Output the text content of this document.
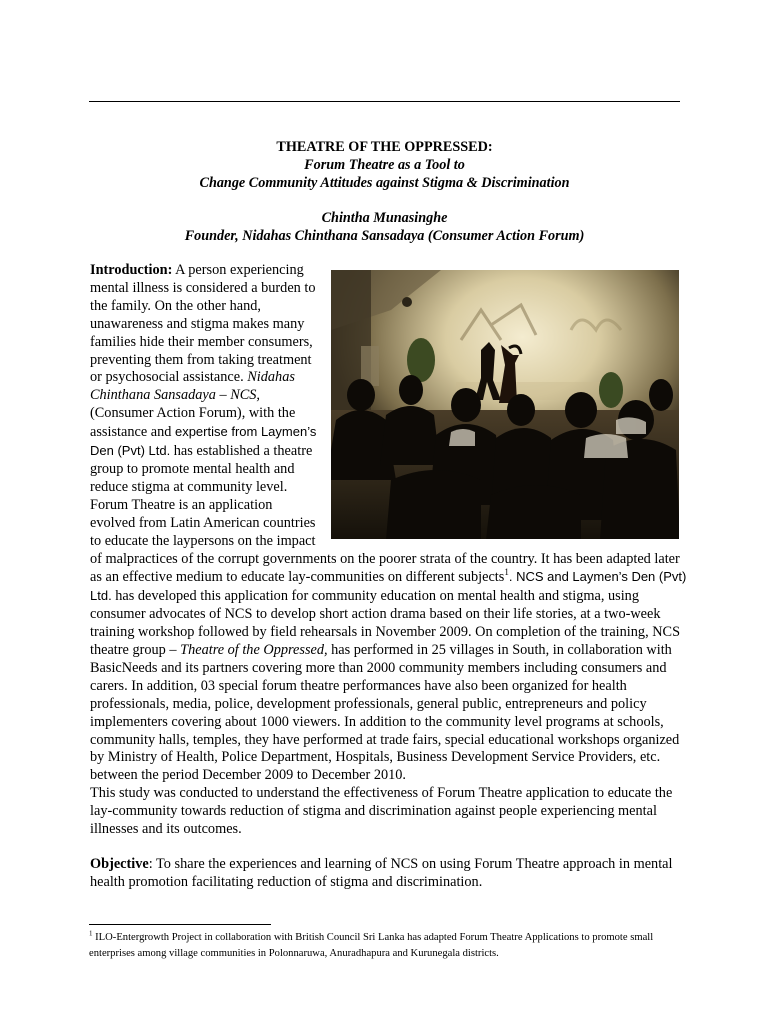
THEATRE OF THE OPPRESSED:
Forum Theatre as a Tool to
Change Community Attitudes against Stigma & Discrimination
Chintha Munasinghe
Founder, Nidahas Chinthana Sansadaya (Consumer Action Forum)

Introduction: A person experiencing mental illness is considered a burden to the family. On the other hand, unawareness and stigma makes many families hide their member consumers, preventing them from taking treatment or psychosocial assistance. Nidahas Chinthana Sansadaya – NCS, (Consumer Action Forum), with the assistance and expertise from Laymen’s Den (Pvt) Ltd. has established a theatre group to promote mental health and reduce stigma at community level. Forum Theatre is an application evolved from Latin American countries to educate the laypersons on the impact of malpractices of the corrupt governments on the poorer strata of the country. It has been adapted later as an effective medium to educate lay-communities on different subjects$^1$. NCS and Laymen’s Den (Pvt) Ltd. has developed this application for community education on mental health and stigma, using consumer advocates of NCS to develop short action drama based on their life stories, at a two-week training workshop followed by field rehearsals in November 2009. On completion of the training, NCS theatre group – Theatre of the Oppressed, has performed in 25 villages in South, in collaboration with BasicNeeds and its partners covering more than 2000 community members including consumers and carers. In addition, 03 special forum theatre performances have also been organized for health professionals, media, police, development professionals, general public, entrepreneurs and policy implementers covering about 1000 viewers. In addition to the community level programs at schools, community halls, temples, they have performed at trade fairs, special educational workshops organized by Ministry of Health, Police Department, Hospitals, Business Development Service Providers, etc. between the period December 2009 to December 2010.

This study was conducted to understand the effectiveness of Forum Theatre application to educate the lay-community towards reduction of stigma and discrimination against people experiencing mental illnesses and its outcomes.

Objective: To share the experiences and learning of NCS on using Forum Theatre approach in mental health promotion facilitating reduction of stigma and discrimination.

$^1$ ILO-Entergrowth Project in collaboration with British Council Sri Lanka has adapted Forum Theatre Applications to promote small enterprises among village communities in Polonnaruwa, Anuradhapura and Kurunegala districts.
